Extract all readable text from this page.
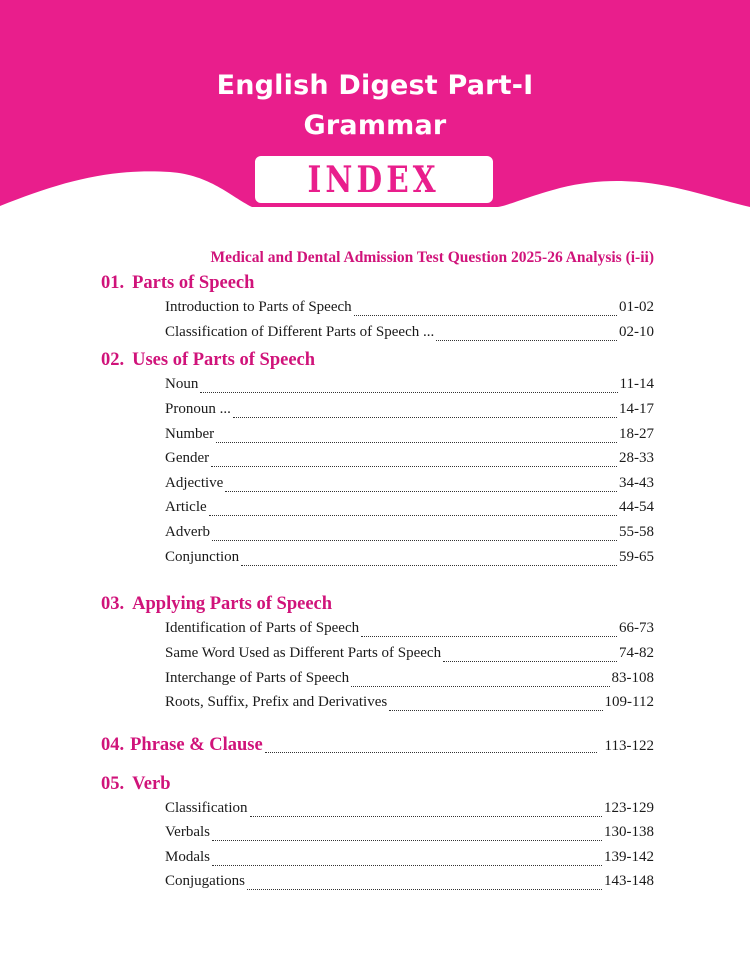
English Digest Part-I
Grammar
INDEX
Medical and Dental Admission Test Question 2025-26 Analysis (i-ii)
01. Parts of Speech
Introduction to Parts of Speech	01-02
Classification of Different Parts of Speech ...	02-10
02. Uses of Parts of Speech
Noun	11-14
Pronoun ...	14-17
Number	18-27
Gender	28-33
Adjective	34-43
Article	44-54
Adverb	55-58
Conjunction	59-65
03. Applying Parts of Speech
Identification of Parts of Speech	66-73
Same Word Used as Different Parts of Speech	74-82
Interchange of Parts of Speech	83-108
Roots, Suffix, Prefix and Derivatives	109-112
04. Phrase & Clause	113-122
05. Verb
Classification	123-129
Verbals	130-138
Modals	139-142
Conjugations	143-148
